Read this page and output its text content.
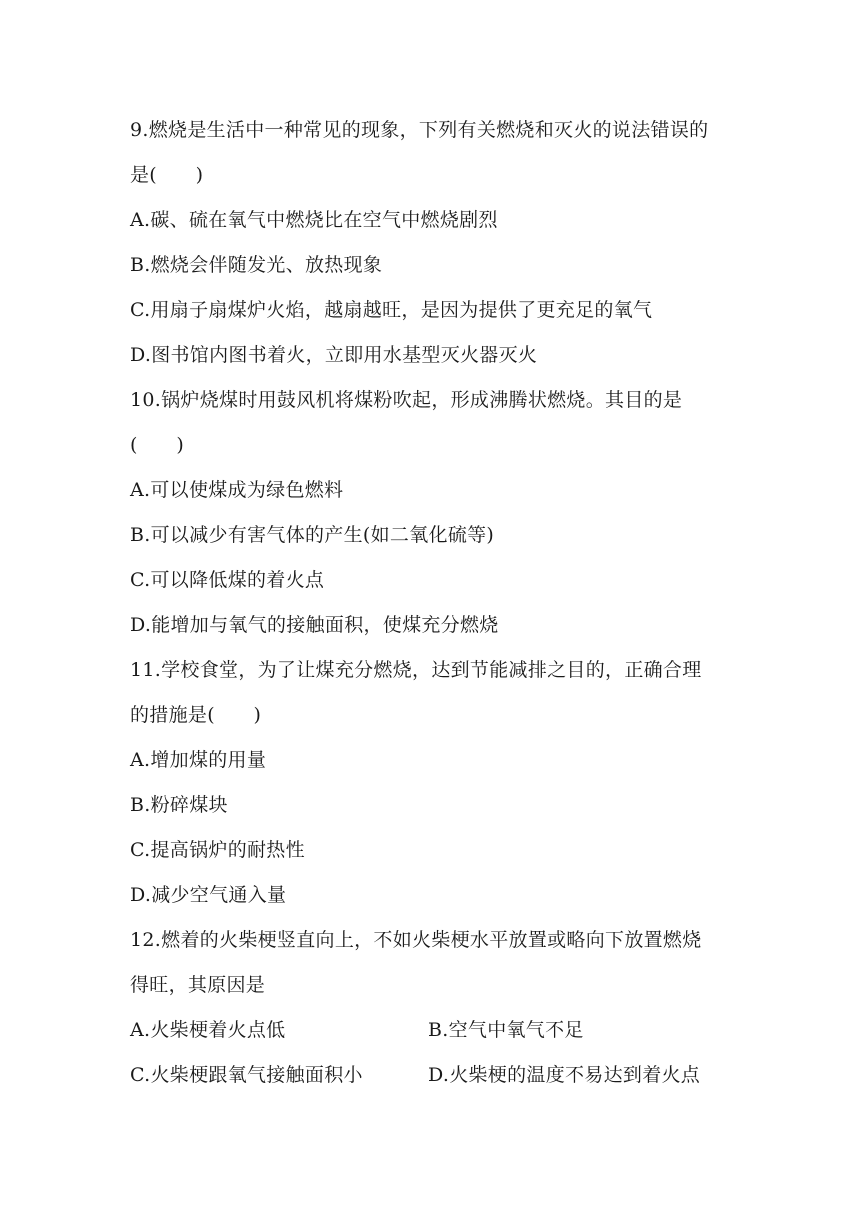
9.燃烧是生活中一种常见的现象，下列有关燃烧和灭火的说法错误的
是(　　)
A.碳、硫在氧气中燃烧比在空气中燃烧剧烈
B.燃烧会伴随发光、放热现象
C.用扇子扇煤炉火焰，越扇越旺，是因为提供了更充足的氧气
D.图书馆内图书着火，立即用水基型灭火器灭火
10.锅炉烧煤时用鼓风机将煤粉吹起，形成沸腾状燃烧。其目的是
(　　)
A.可以使煤成为绿色燃料
B.可以减少有害气体的产生(如二氧化硫等)
C.可以降低煤的着火点
D.能增加与氧气的接触面积，使煤充分燃烧
11.学校食堂，为了让煤充分燃烧，达到节能减排之目的，正确合理
的措施是(　　)
A.增加煤的用量
B.粉碎煤块
C.提高锅炉的耐热性
D.减少空气通入量
12.燃着的火柴梗竖直向上，不如火柴梗水平放置或略向下放置燃烧
得旺，其原因是
A.火柴梗着火点低	B.空气中氧气不足
C.火柴梗跟氧气接触面积小	D.火柴梗的温度不易达到着火点
